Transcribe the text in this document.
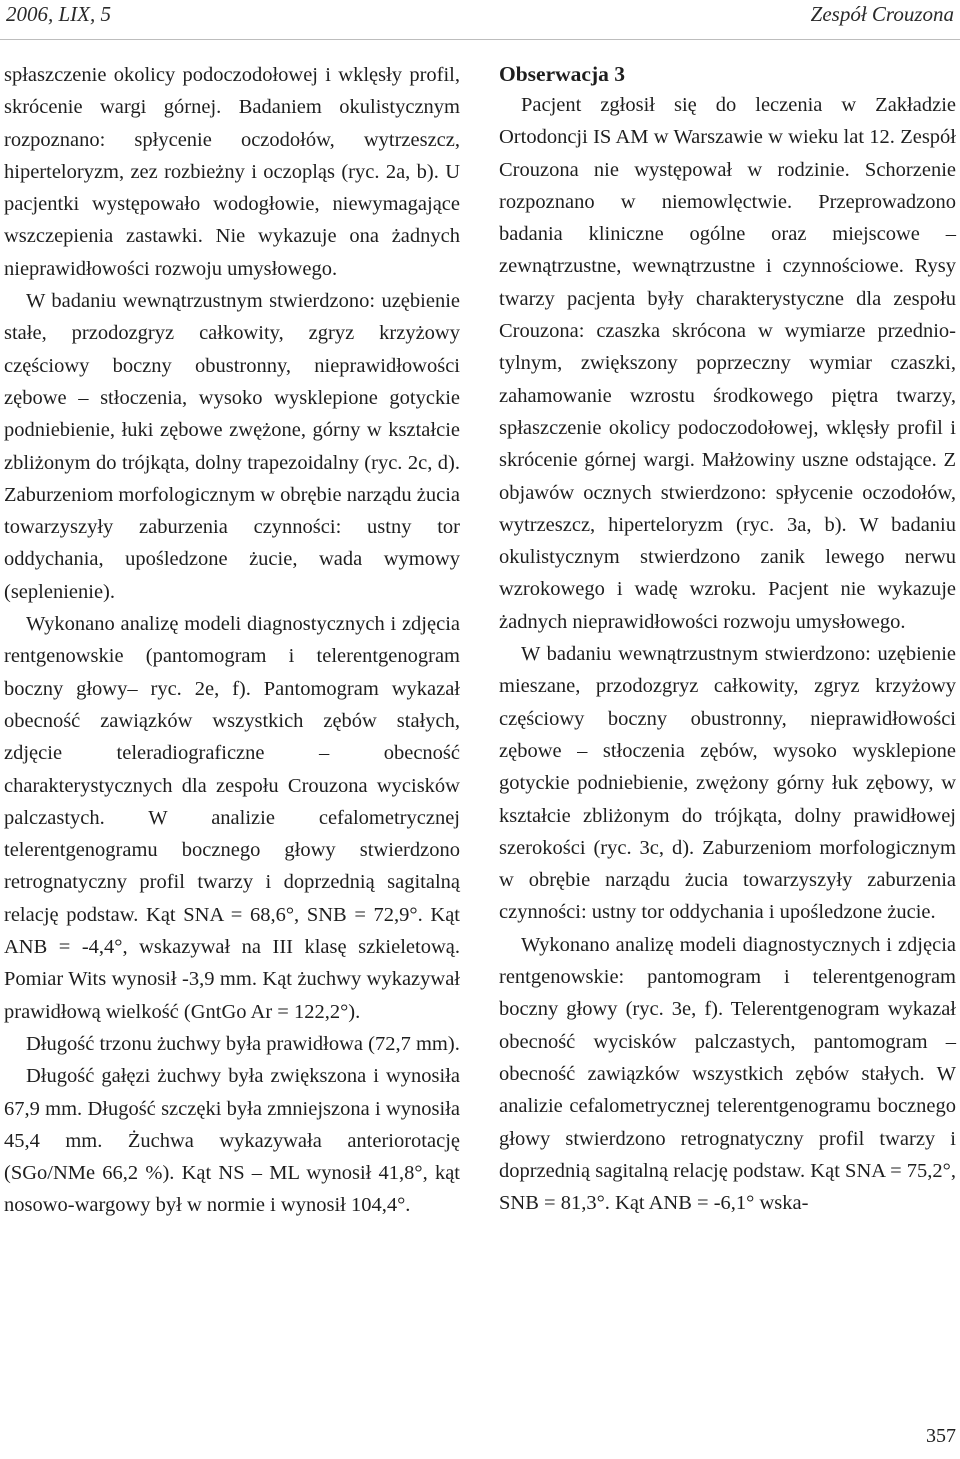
2006, LIX, 5	Zespół Crouzona

spłaszczenie okolicy podoczodołowej i wklęsły profil, skrócenie wargi górnej. Badaniem okulistycznym rozpoznano: spłycenie oczodołów, wytrzeszcz, hiperteloryzm, zez rozbieżny i oczopląs (ryc. 2a, b). U pacjentki występowało wodogłowie, niewymagające wszczepienia zastawki. Nie wykazuje ona żadnych nieprawidłowości rozwoju umysłowego.

W badaniu wewnątrzustnym stwierdzono: uzębienie stałe, przodozgryz całkowity, zgryz krzyżowy częściowy boczny obustronny, nieprawidłowości zębowe – stłoczenia, wysoko wysklepione gotyckie podniebienie, łuki zębowe zwężone, górny w kształcie zbliżonym do trójkąta, dolny trapezoidalny (ryc. 2c, d). Zaburzeniom morfologicznym w obrębie narządu żucia towarzyszyły zaburzenia czynności: ustny tor oddychania, upośledzone żucie, wada wymowy (seplenienie).

Wykonano analizę modeli diagnostycznych i zdjęcia rentgenowskie (pantomogram i telerentgenogram boczny głowy– ryc. 2e, f). Pantomogram wykazał obecność zawiązków wszystkich zębów stałych, zdjęcie teleradiograficzne – obecność charakterystycznych dla zespołu Crouzona wycisków palczastych. W analizie cefalometrycznej telerentgenogramu bocznego głowy stwierdzono retrognatyczny profil twarzy i doprzednią sagitalną relację podstaw. Kąt SNA = 68,6°, SNB = 72,9°. Kąt ANB = -4,4°, wskazywał na III klasę szkieletową. Pomiar Wits wynosił -3,9 mm. Kąt żuchwy wykazywał prawidłową wielkość (GntGo Ar = 122,2°).

Długość trzonu żuchwy była prawidłowa (72,7 mm).

Długość gałęzi żuchwy była zwiększona i wynosiła 67,9 mm. Długość szczęki była zmniejszona i wynosiła 45,4 mm. Żuchwa wykazywała anteriorotację (SGo/NMe 66,2 %). Kąt NS – ML wynosił 41,8°, kąt nosowo-wargowy był w normie i wynosił 104,4°.

Obserwacja 3

Pacjent zgłosił się do leczenia w Zakładzie Ortodoncji IS AM w Warszawie w wieku lat 12. Zespół Crouzona nie występował w rodzinie. Schorzenie rozpoznano w niemowlęctwie. Przeprowadzono badania kliniczne ogólne oraz miejscowe – zewnątrzustne, wewnątrzustne i czynnościowe. Rysy twarzy pacjenta były charakterystyczne dla zespołu Crouzona: czaszka skrócona w wymiarze przednio-tylnym, zwiększony poprzeczny wymiar czaszki, zahamowanie wzrostu środkowego piętra twarzy, spłaszczenie okolicy podoczodołowej, wklęsły profil i skrócenie górnej wargi. Małżowiny uszne odstające. Z objawów ocznych stwierdzono: spłycenie oczodołów, wytrzeszcz, hiperteloryzm (ryc. 3a, b). W badaniu okulistycznym stwierdzono zanik lewego nerwu wzrokowego i wadę wzroku. Pacjent nie wykazuje żadnych nieprawidłowości rozwoju umysłowego.

W badaniu wewnątrzustnym stwierdzono: uzębienie mieszane, przodozgryz całkowity, zgryz krzyżowy częściowy boczny obustronny, nieprawidłowości zębowe – stłoczenia zębów, wysoko wysklepione gotyckie podniebienie, zwężony górny łuk zębowy, w kształcie zbliżonym do trójkąta, dolny prawidłowej szerokości (ryc. 3c, d). Zaburzeniom morfologicznym w obrębie narządu żucia towarzyszyły zaburzenia czynności: ustny tor oddychania i upośledzone żucie.

Wykonano analizę modeli diagnostycznych i zdjęcia rentgenowskie: pantomogram i telerentgenogram boczny głowy (ryc. 3e, f). Telerentgenogram wykazał obecność wycisków palczastych, pantomogram – obecność zawiązków wszystkich zębów stałych. W analizie cefalometrycznej telerentgenogramu bocznego głowy stwierdzono retrognatyczny profil twarzy i doprzednią sagitalną relację podstaw. Kąt SNA = 75,2°, SNB = 81,3°. Kąt ANB = -6,1° wska-

357
